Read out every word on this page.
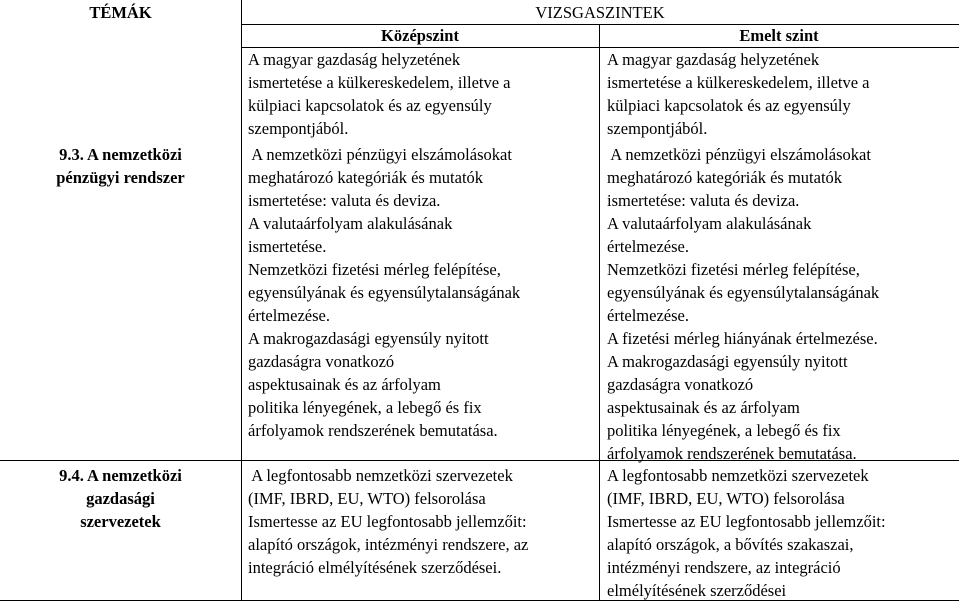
TÉMÁK	VIZSGASZINTEK
Középszint	Emelt szint

A magyar gazdaság helyzetének

ismertetése a külkereskedelem, illetve a

külpiaci kapcsolatok és az egyensúly

szempontjából.

A magyar gazdaság helyzetének

ismertetése a külkereskedelem, illetve a

külpiaci kapcsolatok és az egyensúly

szempontjából.

9.3. A nemzetközi

pénzügyi rendszer

A nemzetközi pénzügyi elszámolásokat

meghatározó kategóriák és mutatók

ismertetése: valuta és deviza.

A valutaárfolyam alakulásának

ismertetése.

Nemzetközi fizetési mérleg felépítése,

egyensúlyának és egyensúlytalanságának

értelmezése.

A makrogazdasági egyensúly nyitott

gazdaságra vonatkozó

aspektusainak és az árfolyam

politika lényegének, a lebegő és fix

árfolyamok rendszerének bemutatása.

A nemzetközi pénzügyi elszámolásokat

meghatározó kategóriák és mutatók

ismertetése: valuta és deviza.

A valutaárfolyam alakulásának

értelmezése.

Nemzetközi fizetési mérleg felépítése,

egyensúlyának és egyensúlytalanságának

értelmezése.

A fizetési mérleg hiányának értelmezése.

A makrogazdasági egyensúly nyitott

gazdaságra vonatkozó

aspektusainak és az árfolyam

politika lényegének, a lebegő és fix

árfolyamok rendszerének bemutatása.

9.4. A nemzetközi

gazdasági

szervezetek

A legfontosabb nemzetközi szervezetek

(IMF, IBRD, EU, WTO) felsorolása

Ismertesse az EU legfontosabb jellemzőit:

alapító országok, intézményi rendszere, az

integráció elmélyítésének szerződései.

A legfontosabb nemzetközi szervezetek

(IMF, IBRD, EU, WTO) felsorolása

Ismertesse az EU legfontosabb jellemzőit:

alapító országok, a bővítés szakaszai,

intézményi rendszere, az integráció

elmélyítésének szerződései
